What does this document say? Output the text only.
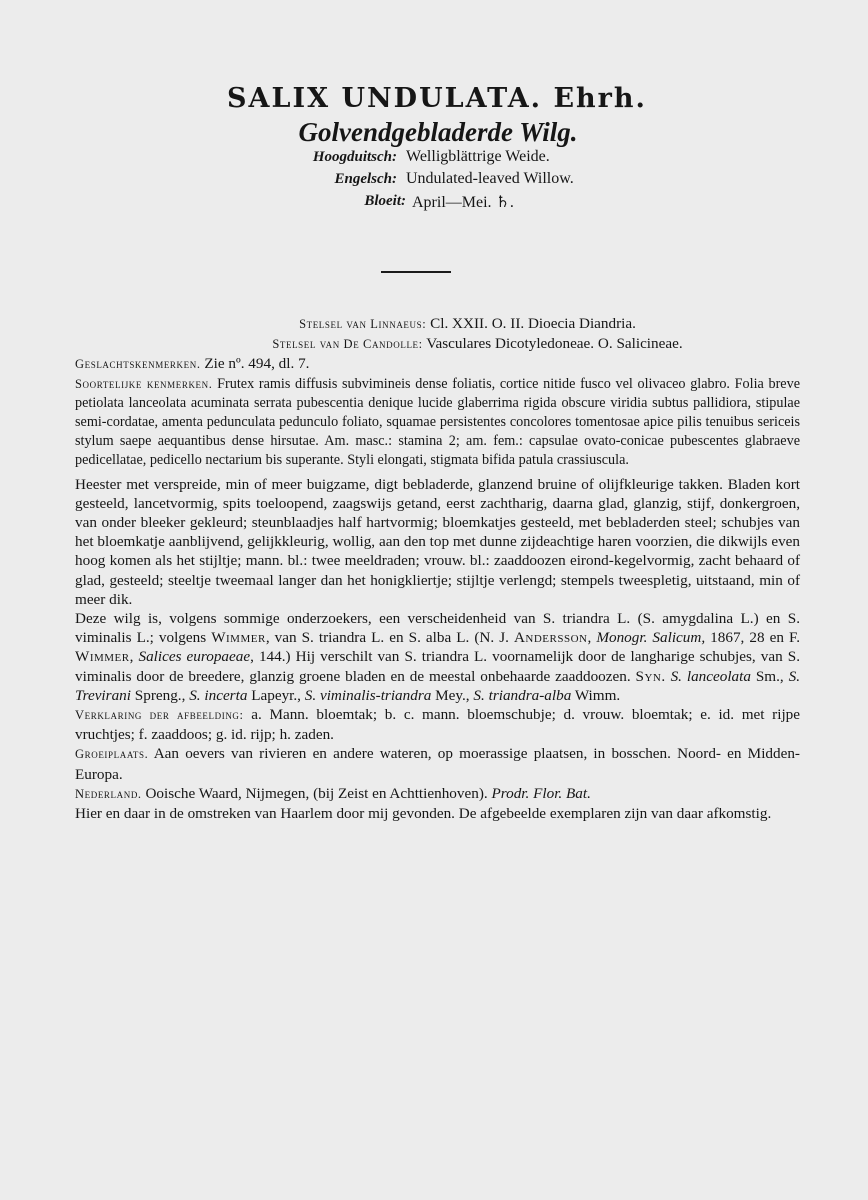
SALIX UNDULATA. Ehrh.
Golvendgebladerde Wilg.
Hoogduitsch: Welligblättrige Weide.
Engelsch: Undulated-leaved Willow.
Bloeit: April—Mei. ♄.

Stelsel van Linnaeus: Cl. XXII. O. II. Dioecia Diandria.

Stelsel van De Candolle: Vasculares Dicotyledoneae. O. Salicineae.

Geslachtskenmerken. Zie nº. 494, dl. 7.

Soortelijke kenmerken. Frutex ramis diffusis subvimineis dense foliatis, cortice nitide fusco vel olivaceo glabro. Folia breve petiolata lanceolata acuminata serrata pubescentia denique lucide glaberrima rigida obscure viridia subtus pallidiora, stipulae semi-cordatae, amenta pedunculata pedunculo foliato, squamae persistentes concolores tomentosae apice pilis tenuibus sericeis stylum saepe aequantibus dense hirsutae. Am. masc.: stamina 2; am. fem.: capsulae ovato-conicae pubescentes glabraeve pedicellatae, pedicello nectarium bis superante. Styli elongati, stigmata bifida patula crassiuscula.

Heester met verspreide, min of meer buigzame, digt bebladerde, glanzend bruine of olijfkleurige takken. Bladen kort gesteeld, lancetvormig, spits toeloopend, zaagswijs getand, eerst zachtharig, daarna glad, glanzig, stijf, donkergroen, van onder bleeker gekleurd; steunblaadjes half hartvormig; bloemkatjes gesteeld, met bebladerden steel; schubjes van het bloemkatje aanblijvend, gelijkkleurig, wollig, aan den top met dunne zijdeachtige haren voorzien, die dikwijls even hoog komen als het stijltje; mann. bl.: twee meeldraden; vrouw. bl.: zaaddoozen eirond-kegelvormig, zacht behaard of glad, gesteeld; steeltje tweemaal langer dan het honigkliertje; stijltje verlengd; stempels tweespletig, uitstaand, min of meer dik.

Deze wilg is, volgens sommige onderzoekers, een verscheidenheid van S. triandra L. (S. amygdalina L.) en S. viminalis L.; volgens Wimmer, van S. triandra L. en S. alba L. (N. J. Andersson, Monogr. Salicum, 1867, 28 en F. Wimmer, Salices europaeae, 144.) Hij verschilt van S. triandra L. voornamelijk door de langharige schubjes, van S. viminalis door de breedere, glanzig groene bladen en de meestal onbehaarde zaaddoozen. Syn. S. lanceolata Sm., S. Trevirani Spreng., S. incerta Lapeyr., S. viminalis-triandra Mey., S. triandra-alba Wimm.

Verklaring der afbeelding: a. Mann. bloemtak; b. c. mann. bloemschubje; d. vrouw. bloemtak; e. id. met rijpe vruchtjes; f. zaaddoos; g. id. rijp; h. zaden.

Groeiplaats. Aan oevers van rivieren en andere wateren, op moerassige plaatsen, in bosschen. Noord- en Midden-Europa.

Nederland. Ooische Waard, Nijmegen, (bij Zeist en Achttienhoven). Prodr. Flor. Bat.

Hier en daar in de omstreken van Haarlem door mij gevonden. De afgebeelde exemplaren zijn van daar afkomstig.
